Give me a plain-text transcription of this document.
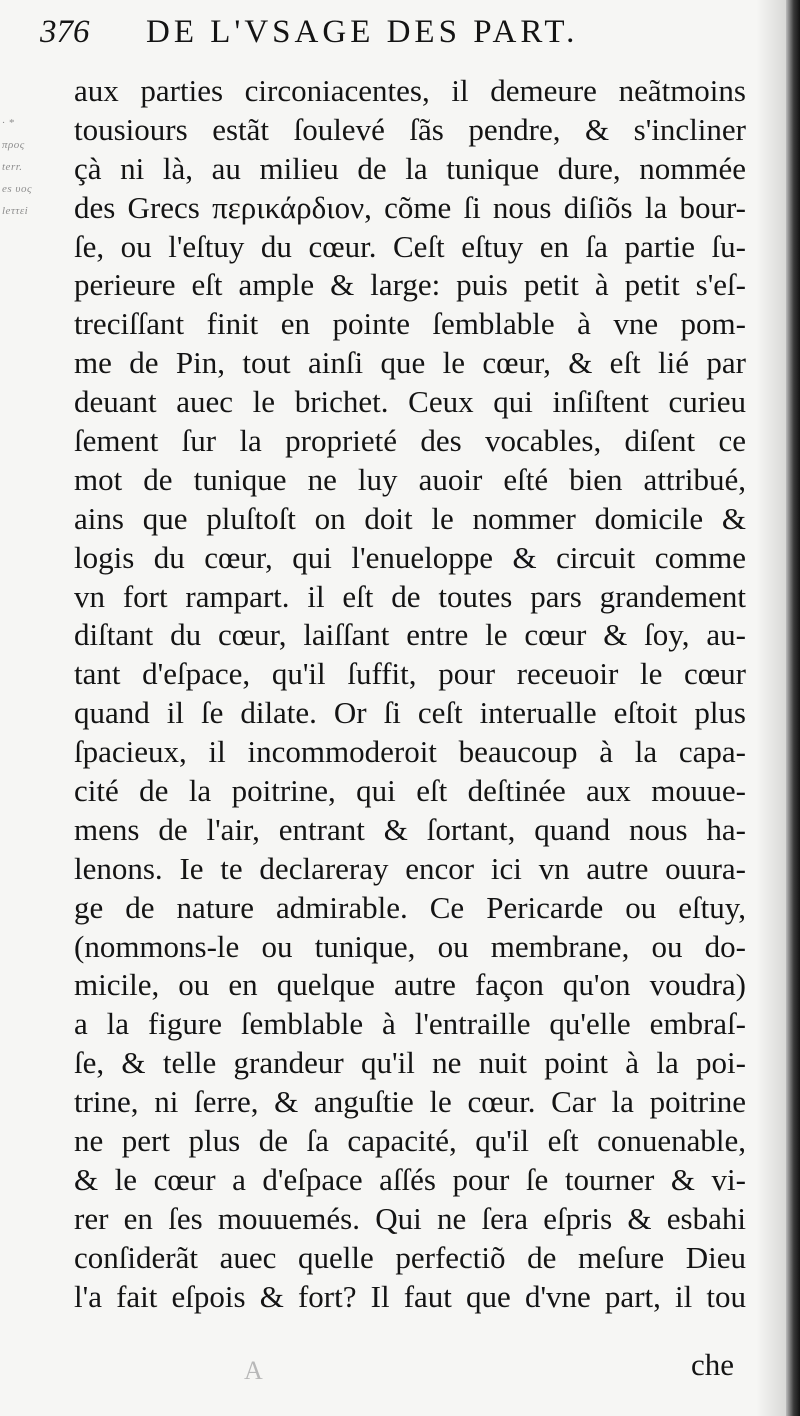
· *
προς
terr.
es υος
leττεi
376 DE L'VSAGE DES PART.
aux parties circoniacentes, il demeure neãtmoins
tousiours estãt ſoulevé ſãs pendre, & s'incliner
çà ni là, au milieu de la tunique dure, nommée
des Grecs περικάρδιον, cõme ſi nous diſiõs la bour-
ſe, ou l'eſtuy du cœur. Ceſt eſtuy en ſa partie ſu-
perieure eſt ample & large: puis petit à petit s'eſ-
treciſſant finit en pointe ſemblable à vne pom-
me de Pin, tout ainſi que le cœur, & eſt lié par
deuant auec le brichet. Ceux qui inſiſtent curieu
ſement ſur la proprieté des vocables, diſent ce
mot de tunique ne luy auoir eſté bien attribué,
ains que pluſtoſt on doit le nommer domicile &
logis du cœur, qui l'enueloppe & circuit comme
vn fort rampart. il eſt de toutes pars grandement
diſtant du cœur, laiſſant entre le cœur & ſoy, au-
tant d'eſpace, qu'il ſuffit, pour receuoir le cœur
quand il ſe dilate. Or ſi ceſt interualle eſtoit plus
ſpacieux, il incommoderoit beaucoup à la capa-
cité de la poitrine, qui eſt deſtinée aux mouue-
mens de l'air, entrant & ſortant, quand nous ha-
lenons. Ie te declareray encor ici vn autre ouura-
ge de nature admirable. Ce Pericarde ou eſtuy,
(nommons-le ou tunique, ou membrane, ou do-
micile, ou en quelque autre façon qu'on voudra)
a la figure ſemblable à l'entraille qu'elle embraſ-
ſe, & telle grandeur qu'il ne nuit point à la poi-
trine, ni ſerre, & anguſtie le cœur. Car la poitrine
ne pert plus de ſa capacité, qu'il eſt conuenable,
& le cœur a d'eſpace aſſés pour ſe tourner & vi-
rer en ſes mouuemés. Qui ne ſera eſpris & esbahi
conſiderãt auec quelle perfectiõ de meſure Dieu
l'a fait eſpois & fort? Il faut que d'vne part, il tou
che
A
